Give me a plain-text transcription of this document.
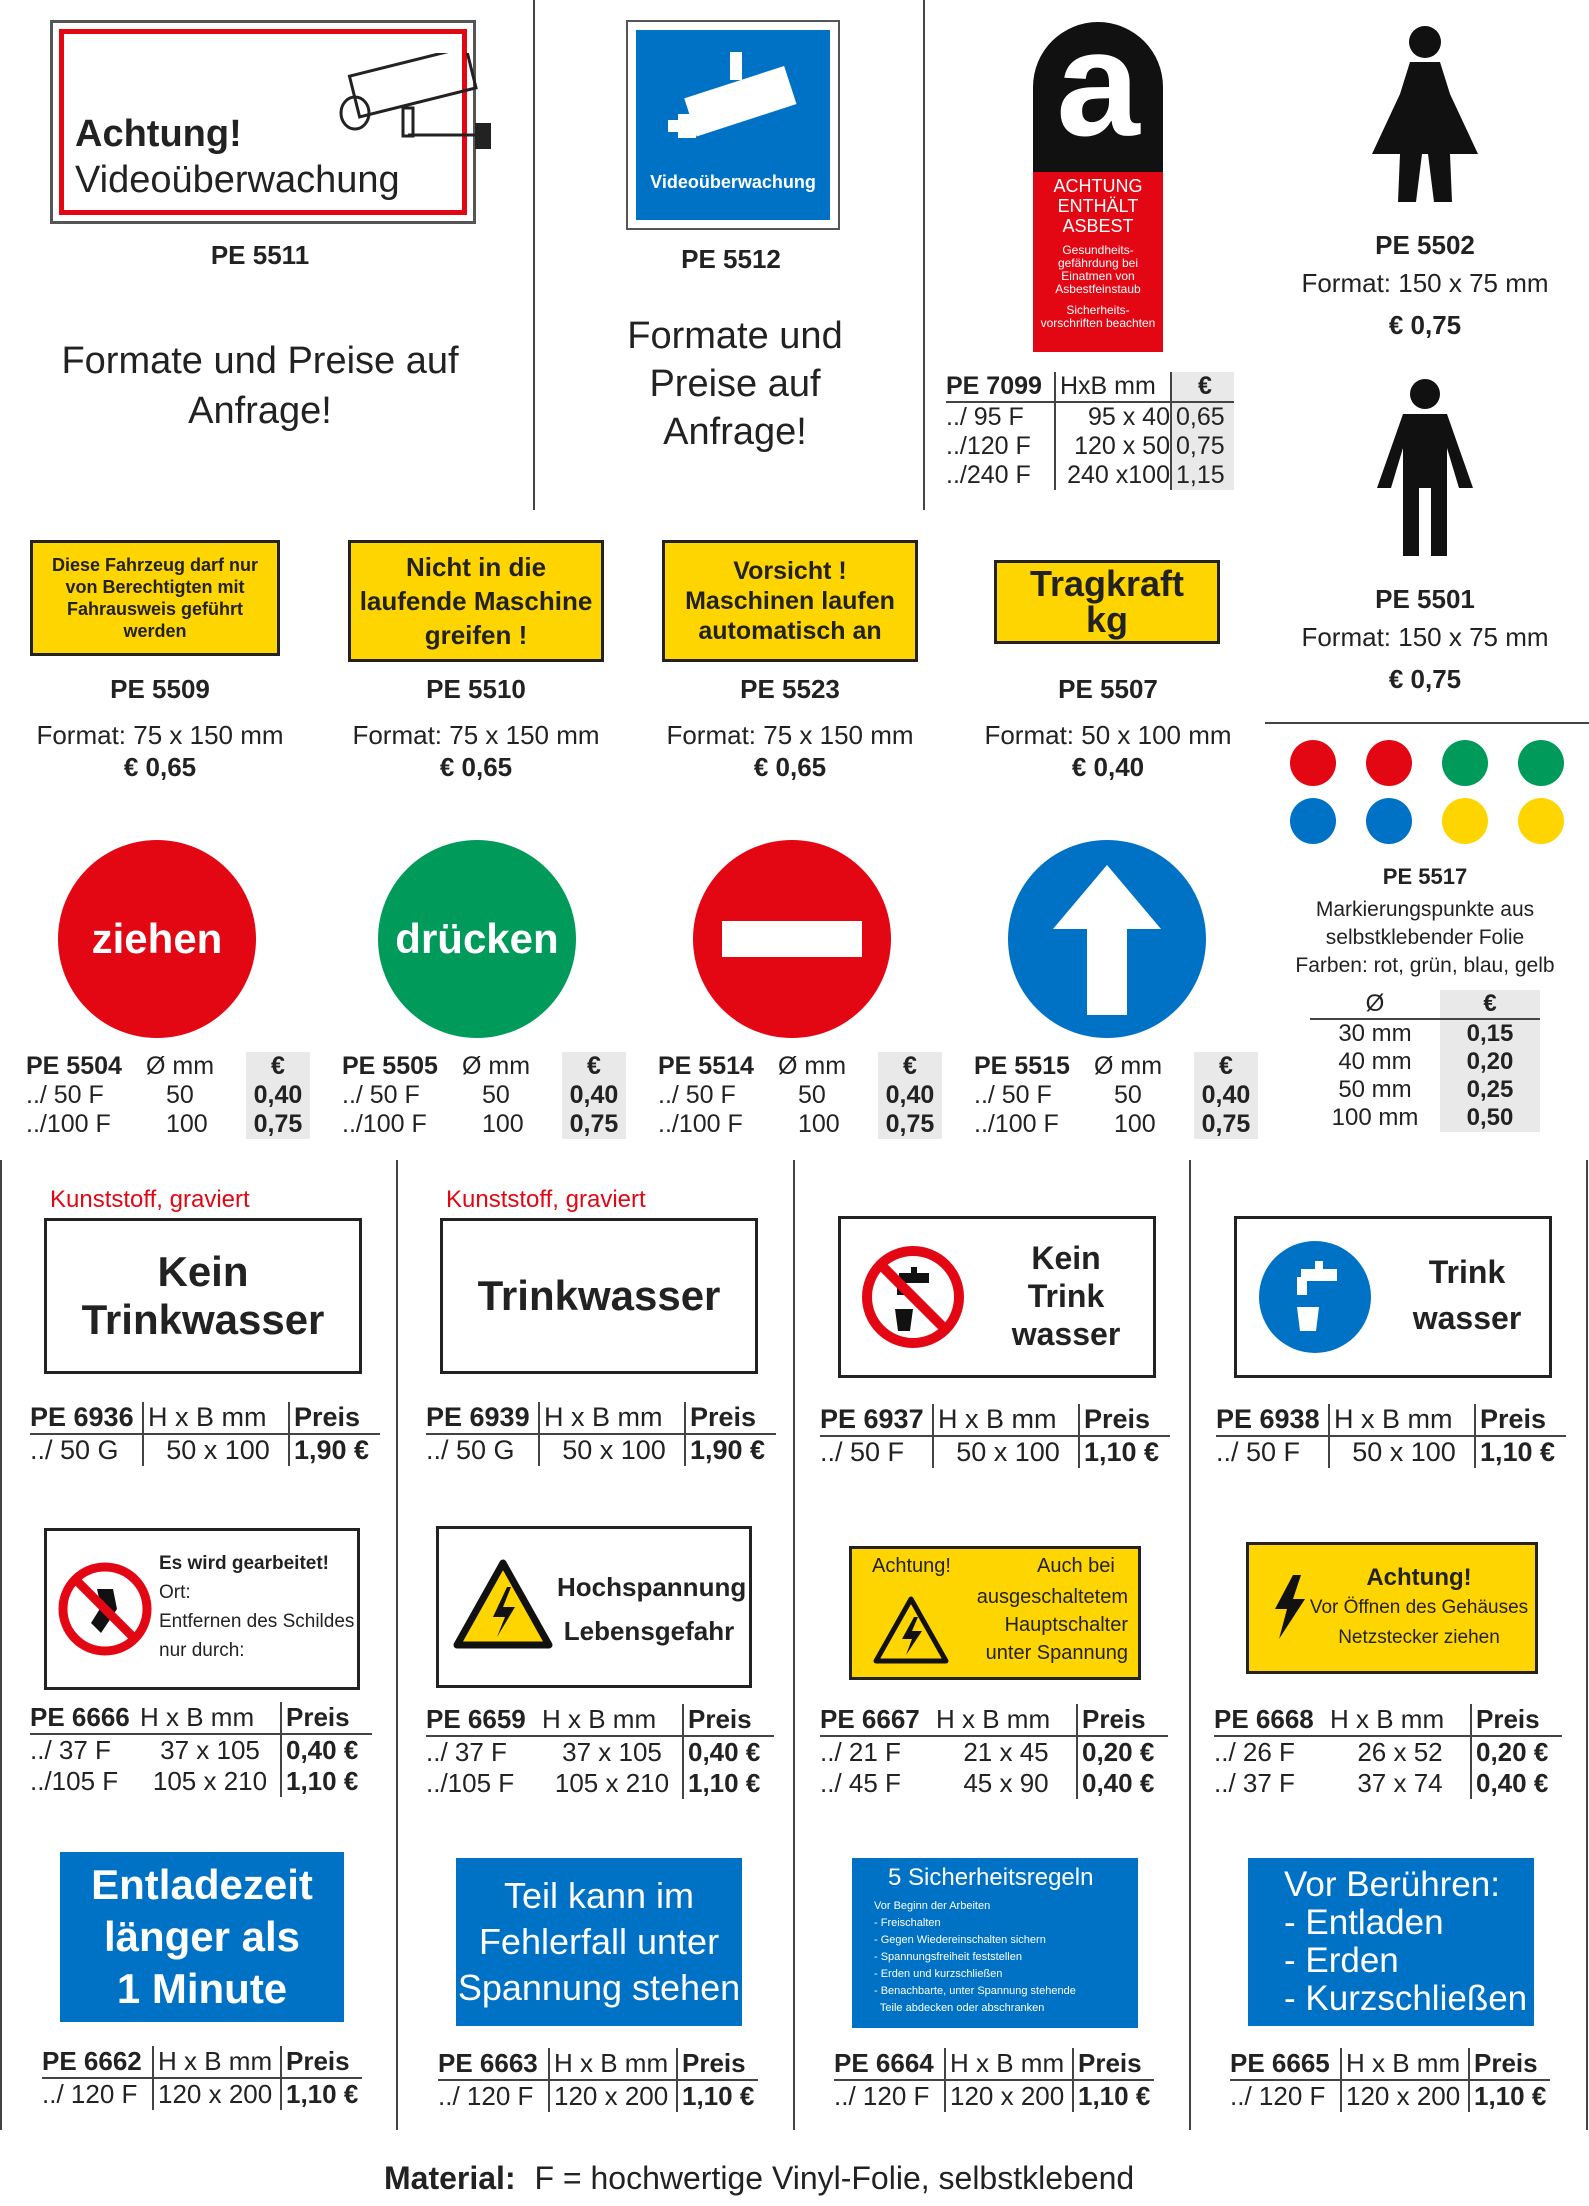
Achtung!
Videoüberwachung
PE 5511
Formate und Preise auf Anfrage!
Videoüberwachung
PE 5512
Formate und Preise auf Anfrage!
a
ACHTUNG ENTHÄLT ASBEST
Gesundheits-gefährdung bei Einatmen von Asbestfeinstaub
Sicherheits-vorschriften beachten
PE 7099 HxB mm	€
../ 95 F	95 x 40 0,65
../120 F	120 x 50 0,75
../240 F	240 x100 1,15
PE 5502
Format: 150 x 75 mm
€ 0,75
PE 5501
Format: 150 x 75 mm
€ 0,75
Diese Fahrzeug darf nur von Berechtigten mit Fahrausweis geführt werden
Nicht in die laufende Maschine greifen !
Vorsicht ! Maschinen laufen automatisch an
Tragkraft kg
PE 5509	PE 5510	PE 5523	PE 5507
Format: 75 x 150 mm	Format: 75 x 150 mm	Format: 75 x 150 mm	Format: 50 x 100 mm
€ 0,65	€ 0,65	€ 0,65	€ 0,40
PE 5517
Markierungspunkte aus
selbstklebender Folie
Farben: rot, grün, blau, gelb
Ø	€
30 mm	0,15
40 mm	0,20
50 mm	0,25
100 mm	0,50
ziehen	drücken
PE 5504 Ø mm	€
../ 50 F	50	0,40
../100 F	100	0,75
PE 5505 Ø mm	€
../ 50 F	50	0,40
../100 F	100	0,75
PE 5514 Ø mm	€
../ 50 F	50	0,40
../100 F	100	0,75
PE 5515 Ø mm	€
../ 50 F	50	0,40
../100 F	100	0,75
Kunststoff, graviert	Kunststoff, graviert
Kein Trinkwasser
Trinkwasser
Kein Trink wasser
Trink wasser
PE 6936 H x B mm	Preis
../ 50 G	50 x 100 1,90 €
PE 6939 H x B mm	Preis
../ 50 G	50 x 100 1,90 €
PE 6937 H x B mm	Preis
../ 50 F	50 x 100 1,10 €
PE 6938 H x B mm	Preis
../ 50 F	50 x 100 1,10 €
Es wird gearbeitet!
Ort:
Entfernen des Schildes
nur durch:
Hochspannung
Lebensgefahr
Achtung!	Auch bei
ausgeschaltetem
Hauptschalter
unter Spannung
Achtung!
Vor Öffnen des Gehäuses
Netzstecker ziehen
PE 6666 H x B mm	Preis
../ 37 F	37 x 105	0,40 €
../105 F	105 x 210 1,10 €
PE 6659 H x B mm	Preis
../ 37 F	37 x 105	0,40 €
../105 F	105 x 210 1,10 €
PE 6667 H x B mm	Preis
../ 21 F	21 x 45	0,20 €
../ 45 F	45 x 90	0,40 €
PE 6668 H x B mm	Preis
../ 26 F	26 x 52	0,20 €
../ 37 F	37 x 74	0,40 €
Entladezeit
länger als
1 Minute
Teil kann im
Fehlerfall unter
Spannung stehen
5 Sicherheitsregeln
Vor Beginn der Arbeiten
- Freischalten
- Gegen Wiedereinschalten sichern
- Spannungsfreiheit feststellen
- Erden und kurzschließen
- Benachbarte, unter Spannung stehende
Teile abdecken oder abschranken
Vor Berühren:
- Entladen
- Erden
- Kurzschließen
PE 6662 H x B mm Preis
../ 120 F 120 x 200 1,10 €
PE 6663 H x B mm Preis
../ 120 F 120 x 200 1,10 €
PE 6664 H x B mm Preis
../ 120 F 120 x 200 1,10 €
PE 6665 H x B mm Preis
../ 120 F 120 x 200 1,10 €
Material: F = hochwertige Vinyl-Folie, selbstklebend
